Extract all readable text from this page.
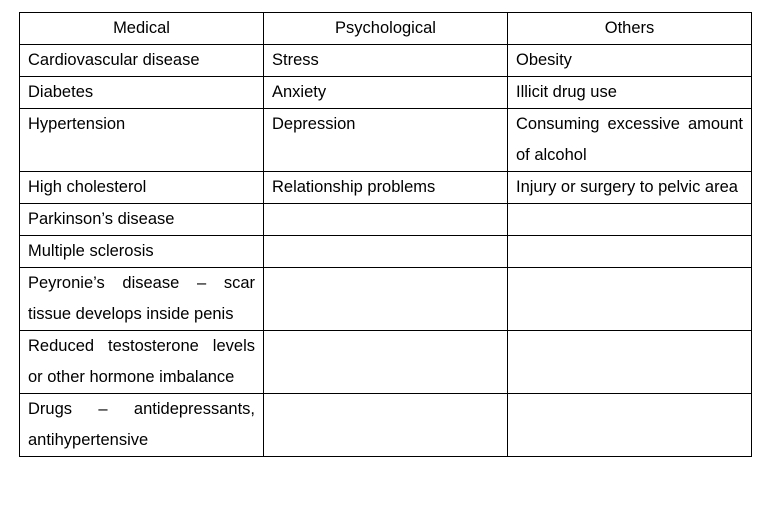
Medical	Psychological	Others
Cardiovascular disease	Stress	Obesity
Diabetes	Anxiety	Illicit drug use
Hypertension	Depression	Consuming excessive amount of alcohol
High cholesterol	Relationship problems	Injury or surgery to pelvic area
Parkinson’s disease		
Multiple sclerosis		
Peyronie’s disease – scar tissue develops inside penis		
Reduced testosterone levels or other hormone imbalance		
Drugs – antidepressants, antihypertensive		
